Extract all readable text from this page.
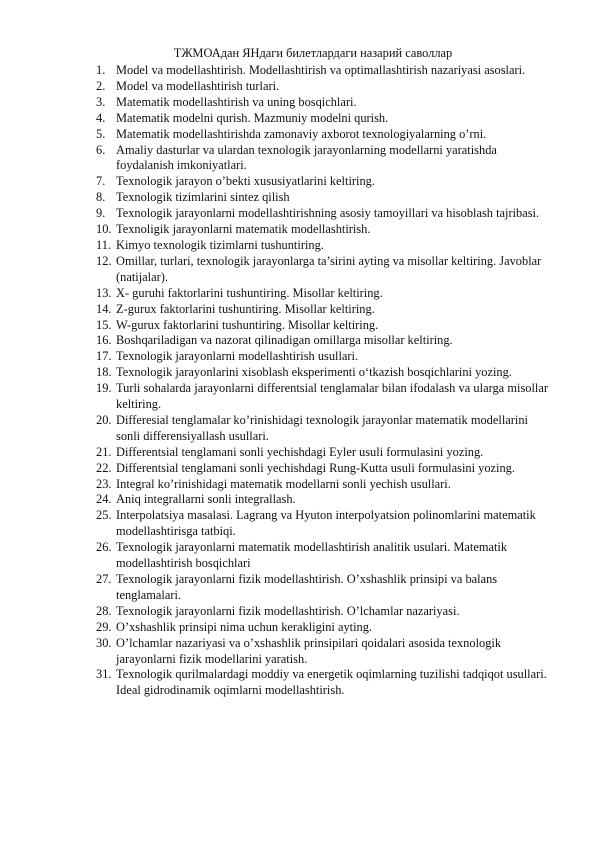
ТЖМОАдан ЯНдаги билетлардаги назарий саволлар
1. Model va modellashtirish. Modellashtirish va optimallashtirish nazariyasi asoslari.
2. Model va modellashtirish turlari.
3. Matematik modellashtirish va uning bosqichlari.
4. Matematik modelni qurish. Mazmuniy modelni qurish.
5. Matematik modellashtirishda zamonaviy axborot texnologiyalarning o’rni.
6. Amaliy dasturlar va ulardan texnologik jarayonlarning modellarni yaratishda foydalanish imkoniyatlari.
7. Texnologik jarayon o’bekti xususiyatlarini keltiring.
8. Texnologik tizimlarini sintez qilish
9. Texnologik jarayonlarni modellashtirishning asosiy tamoyillari va hisoblash tajribasi.
10. Texnoligik jarayonlarni matematik modellashtirish.
11. Kimyo texnologik tizimlarni tushuntiring.
12. Omillar, turlari, texnologik jarayonlarga ta’sirini ayting va misollar keltiring. Javoblar (natijalar).
13. X- guruhi faktorlarini tushuntiring. Misollar keltiring.
14. Z-gurux faktorlarini tushuntiring. Misollar keltiring.
15. W-gurux faktorlarini tushuntiring. Misollar keltiring.
16. Boshqariladigan va nazorat qilinadigan omillarga misollar keltiring.
17. Texnologik jarayonlarni modellashtirish usullari.
18. Texnologik jarayonlarini xisoblash eksperimenti o‘tkazish bosqichlarini yozing.
19. Turli sohalarda jarayonlarni differentsial tenglamalar bilan ifodalash va ularga misollar keltiring.
20. Differesial tenglamalar ko’rinishidagi texnologik jarayonlar matematik modellarini sonli differensiyallash usullari.
21. Differentsial tenglamani sonli yechishdagi Eyler usuli formulasini yozing.
22. Differentsial tenglamani sonli yechishdagi Rung-Kutta usuli formulasini yozing.
23. Integral ko’rinishidagi matematik modellarni sonli yechish usullari.
24. Aniq integrallarni sonli integrallash.
25. Interpolatsiya masalasi. Lagrang va Hyuton interpolyatsion polinomlarini matematik modellashtirisga tatbiqi.
26. Texnologik jarayonlarni matematik modellashtirish analitik usulari. Matematik modellashtirish bosqichlari
27. Texnologik jarayonlarni fizik modellashtirish. O’xshashlik prinsipi va balans tenglamalari.
28. Texnologik jarayonlarni fizik modellashtirish. O’lchamlar nazariyasi.
29. O’xshashlik prinsipi nima uchun kerakligini ayting.
30. O’lchamlar nazariyasi va o’xshashlik prinsipilari qoidalari asosida texnologik jarayonlarni fizik modellarini yaratish.
31. Texnologik qurilmalardagi moddiy va energetik oqimlarning tuzilishi tadqiqot usullari. Ideal gidrodinamik oqimlarni modellashtirish.
